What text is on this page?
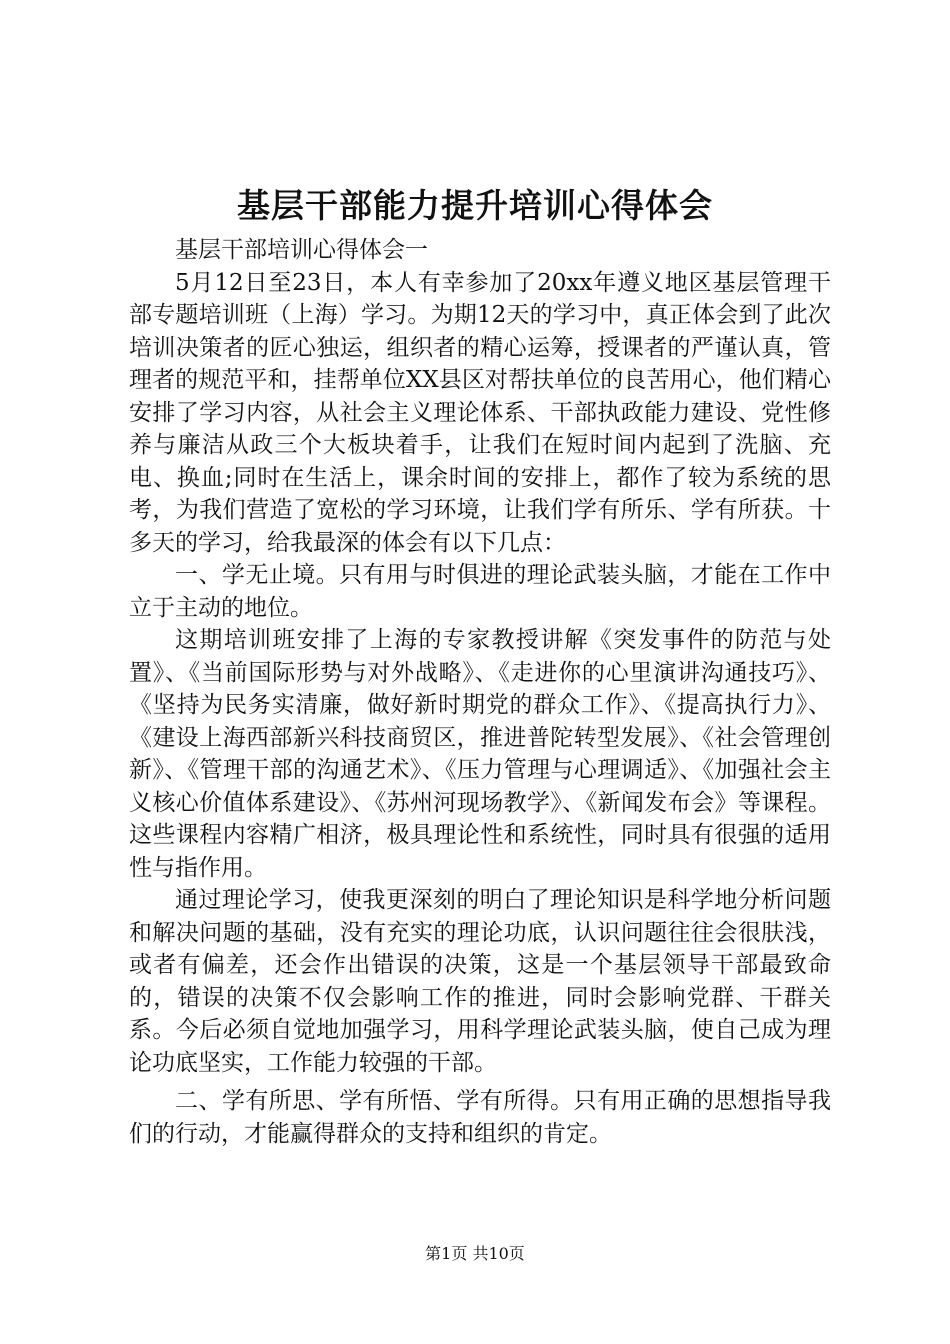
基层干部能力提升培训心得体会

基层干部培训心得体会一

5月12日至23日，本人有幸参加了20xx年遵义地区基层管理干部专题培训班（上海）学习。为期12天的学习中，真正体会到了此次培训决策者的匠心独运，组织者的精心运筹，授课者的严谨认真，管理者的规范平和，挂帮单位XX县区对帮扶单位的良苦用心，他们精心安排了学习内容，从社会主义理论体系、干部执政能力建设、党性修养与廉洁从政三个大板块着手，让我们在短时间内起到了洗脑、充电、换血;同时在生活上，课余时间的安排上，都作了较为系统的思考，为我们营造了宽松的学习环境，让我们学有所乐、学有所获。十多天的学习，给我最深的体会有以下几点：

一、学无止境。只有用与时俱进的理论武装头脑，才能在工作中立于主动的地位。

这期培训班安排了上海的专家教授讲解《突发事件的防范与处置》、《当前国际形势与对外战略》、《走进你的心里演讲沟通技巧》、《坚持为民务实清廉，做好新时期党的群众工作》、《提高执行力》、《建设上海西部新兴科技商贸区，推进普陀转型发展》、《社会管理创新》、《管理干部的沟通艺术》、《压力管理与心理调适》、《加强社会主义核心价值体系建设》、《苏州河现场教学》、《新闻发布会》等课程。这些课程内容精广相济，极具理论性和系统性，同时具有很强的适用性与指作用。

通过理论学习，使我更深刻的明白了理论知识是科学地分析问题和解决问题的基础，没有充实的理论功底，认识问题往往会很肤浅，或者有偏差，还会作出错误的决策，这是一个基层领导干部最致命的，错误的决策不仅会影响工作的推进，同时会影响党群、干群关系。今后必须自觉地加强学习，用科学理论武装头脑，使自己成为理论功底坚实，工作能力较强的干部。

二、学有所思、学有所悟、学有所得。只有用正确的思想指导我们的行动，才能赢得群众的支持和组织的肯定。

第1页 共10页
